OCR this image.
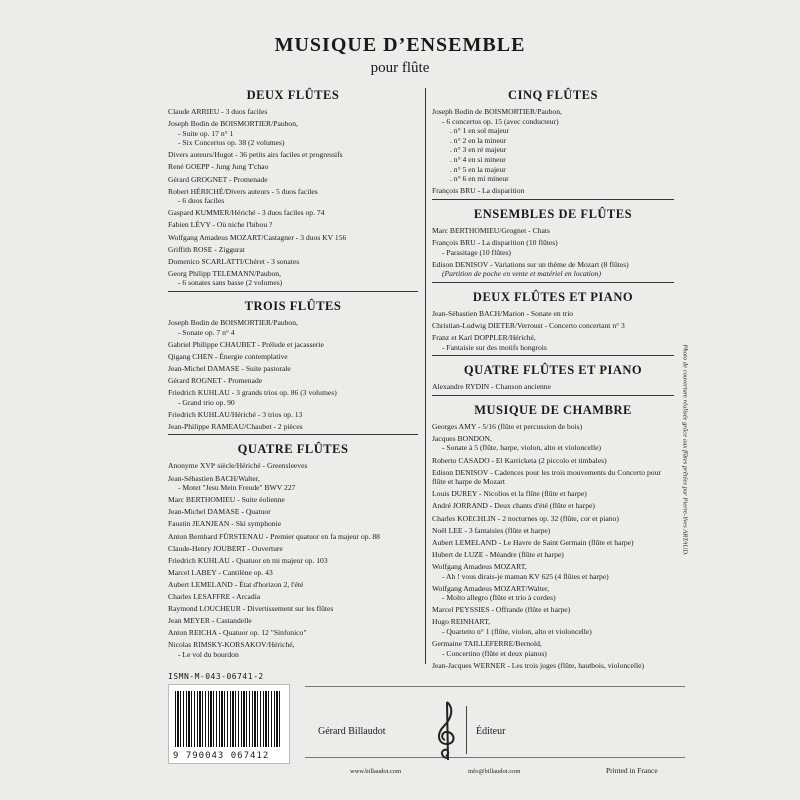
MUSIQUE D’ENSEMBLE
pour flûte
DEUX FLÛTES
Claude ARRIEU - 3 duos faciles
Joseph Bodin de BOISMORTIER/Paubon,
- Suite op. 17 n° 1
- Six Concertos op. 38 (2 volumes)
Divers auteurs/Hugot - 36 petits airs faciles et progressifs
René GOEPP - Jung Jung T'chao
Gérard GROGNET - Promenade
Robert HÉRICHÉ/Divers auteurs - 5 duos faciles
- 6 duos faciles
Gaspard KUMMER/Hériché - 3 duos faciles op. 74
Fabien LÉVY - Où niche l'hibou ?
Wolfgang Amadeus MOZART/Castagner - 3 duos KV 156
Griffith ROSE - Ziggurat
Domenico SCARLATTI/Chéret - 3 sonates
Georg Philipp TELEMANN/Paubon,
- 6 sonates sans basse (2 volumes)
TROIS FLÛTES
Joseph Bodin de BOISMORTIER/Paubon,
- Sonate op. 7 n° 4
Gabriel Philippe CHAUBET - Prélude et jacasserie
Qigang CHEN - Énergie contemplative
Jean-Michel DAMASE - Suite pastorale
Gérard ROGNET - Promenade
Friedrich KUHLAU - 3 grands trios op. 86 (3 volumes)
- Grand trio op. 90
Friedrich KUHLAU/Hériché - 3 trios op. 13
Jean-Philippe RAMEAU/Chaubet - 2 pièces
QUATRE FLÛTES
Anonyme XVIᵉ siècle/Hériché - Greensleeves
Jean-Sébastien BACH/Walter,
- Motet "Jesu Mein Freude" BWV 227
Marc BERTHOMIEU - Suite éolienne
Jean-Michel DAMASE - Quatuor
Faustin JEANJEAN - Ski symphonie
Anton Bernhard FÜRSTENAU - Premier quatuor en fa majeur op. 88
Claude-Henry JOUBERT - Ouverture
Friedrich KUHLAU - Quatuor en mi majeur op. 103
Marcel LABEY - Cantilène op. 43
Aubert LEMELAND - État d'horizon 2, l'été
Charles LESAFFRE - Arcadia
Raymond LOUCHEUR - Divertissement sur les flûtes
Jean MEYER - Castandelle
Anton REICHA - Quatuor op. 12 "Sinfonico"
Nicolas RIMSKY-KORSAKOV/Hériché,
- Le vol du bourdon
CINQ FLÛTES
Joseph Bodin de BOISMORTIER/Paubon,
- 6 concertos op. 15 (avec conducteur)
. n° 1 en sol majeur
. n° 2 en la mineur
. n° 3 en ré majeur
. n° 4 en si mineur
. n° 5 en la majeur
. n° 6 en mi mineur
François BRU - La disparition
ENSEMBLES DE FLÛTES
Marc BERTHOMIEU/Grognet - Chats
François BRU - La disparition (10 flûtes)
- Parasitage (10 flûtes)
Edison DENISOV - Variations sur un thème de Mozart (8 flûtes)
(Partition de poche en vente et matériel en location)
DEUX FLÛTES ET PIANO
Jean-Sébastien BACH/Marion - Sonate en trio
Christian-Ludwig DIETER/Verroust - Concerto concertant n° 3
Franz et Karl DOPPLER/Hériché,
- Fantaisie sur des motifs hongrois
QUATRE FLÛTES ET PIANO
Alexandre RYDIN - Chanson ancienne
MUSIQUE DE CHAMBRE
Georges AMY - 5/16 (flûte et percussion de bois)
Jacques BONDON,
- Sonate à 5 (flûte, harpe, violon, alto et violoncelle)
Roberto CASADO - El Karricketa (2 piccolo et timbales)
Edison DENISOV - Cadences pour les trois mouvements du Concerto pour flûte et harpe de Mozart
Louis DUREY - Nicolios et la flûte (flûte et harpe)
André JORRAND - Deux chants d'été (flûte et harpe)
Charles KOECHLIN - 2 nocturnes op. 32 (flûte, cor et piano)
Noël LEE - 3 fantaisies (flûte et harpe)
Aubert LEMELAND - Le Havre de Saint Germain (flûte et harpe)
Hubert de LUZE - Méandre (flûte et harpe)
Wolfgang Amadeus MOZART,
- Ah ! vous dirais-je maman KV 625 (4 flûtes et harpe)
Wolfgang Amadeus MOZART/Walter,
- Molto allegro (flûte et trio à cordes)
Marcel PEYSSIES - Offrande (flûte et harpe)
Hugo REINHART,
- Quartetto n° 1 (flûte, violon, alto et violoncelle)
Germaine TAILLEFERRE/Bernold,
- Concertino (flûte et deux pianos)
Jean-Jacques WERNER - Les trois juges (flûte, hautbois, violoncelle)
Photo de couverture réalisée grâce aux flûtes prêtées par Pierre-Yves ARTAUD.
ISMN-M-043-06741-2
9 790043 067412
Gérard Billaudot	Éditeur
www.billaudot.com	info@billaudot.com	Printed in France
